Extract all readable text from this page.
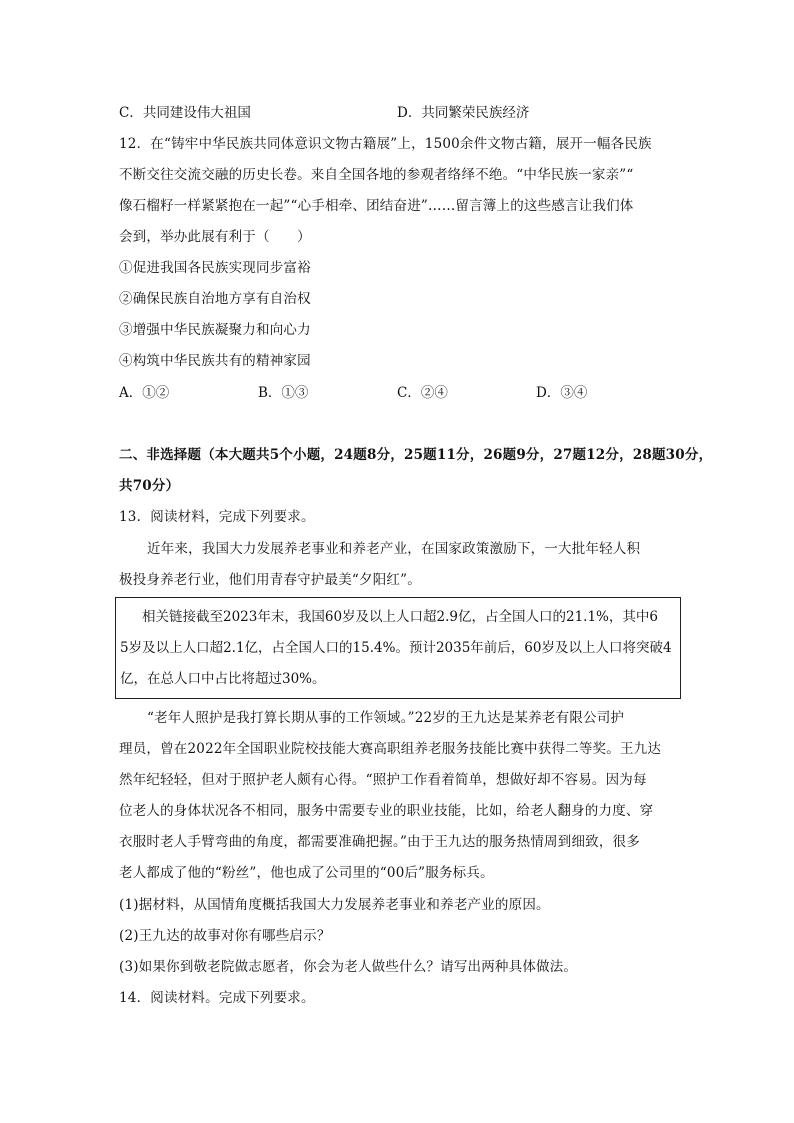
C．共同建设伟大祖国	D．共同繁荣民族经济
12．在“铸牢中华民族共同体意识文物古籍展”上，1500余件文物古籍，展开一幅各民族
不断交往交流交融的历史长卷。来自全国各地的参观者络绎不绝。“中华民族一家亲”“
像石榴籽一样紧紧抱在一起”“心手相牵、团结奋进”……留言簿上的这些感言让我们体
会到，举办此展有利于（　　）
①促进我国各民族实现同步富裕
②确保民族自治地方享有自治权
③增强中华民族凝聚力和向心力
④构筑中华民族共有的精神家园
A．①②	B．①③	C．②④	D．③④
二、非选择题（本大题共5个小题，24题8分，25题11分，26题9分，27题12分，28题30分，
共70分）
13．阅读材料，完成下列要求。
近年来，我国大力发展养老事业和养老产业，在国家政策激励下，一大批年轻人积
极投身养老行业，他们用青春守护最美“夕阳红”。
相关链接截至2023年末，我国60岁及以上人口超2.9亿，占全国人口的21.1%，其中6
5岁及以上人口超2.1亿，占全国人口的15.4%。预计2035年前后，60岁及以上人口将突破4
亿，在总人口中占比将超过30%。
“老年人照护是我打算长期从事的工作领域。”22岁的王九达是某养老有限公司护
理员，曾在2022年全国职业院校技能大赛高职组养老服务技能比赛中获得二等奖。王九达
然年纪轻轻，但对于照护老人颇有心得。“照护工作看着简单，想做好却不容易。因为每
位老人的身体状况各不相同，服务中需要专业的职业技能，比如，给老人翻身的力度、穿
衣服时老人手臂弯曲的角度，都需要准确把握。”由于王九达的服务热情周到细致，很多
老人都成了他的“粉丝”，他也成了公司里的“00后”服务标兵。
(1)据材料，从国情角度概括我国大力发展养老事业和养老产业的原因。
(2)王九达的故事对你有哪些启示？
(3)如果你到敬老院做志愿者，你会为老人做些什么？请写出两种具体做法。
14．阅读材料。完成下列要求。
